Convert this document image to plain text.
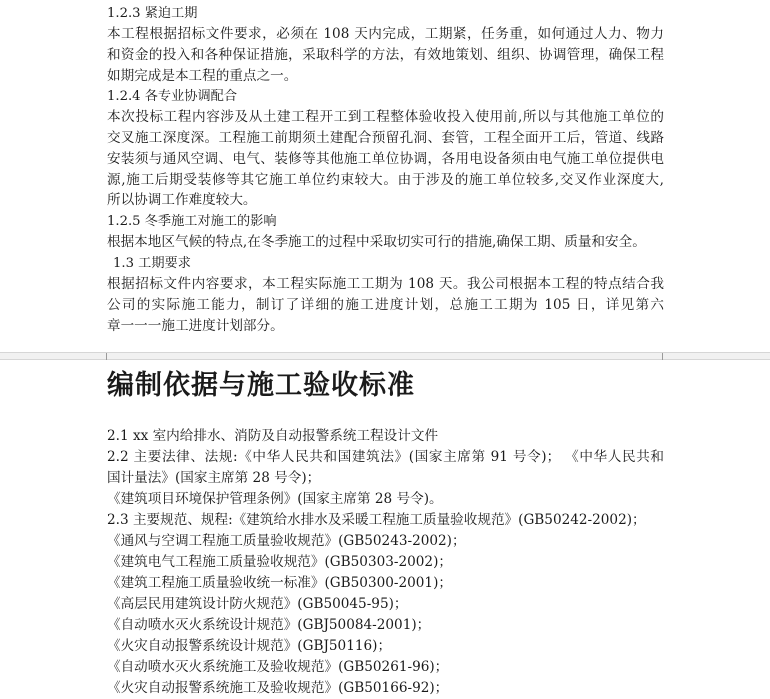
1.2.3 紧迫工期
本工程根据招标文件要求，必须在 108 天内完成，工期紧，任务重，如何通过人力、物力
和资金的投入和各种保证措施，采取科学的方法，有效地策划、组织、协调管理，确保工程
如期完成是本工程的重点之一。
1.2.4 各专业协调配合
本次投标工程内容涉及从土建工程开工到工程整体验收投入使用前,所以与其他施工单位的
交叉施工深度深。工程施工前期须土建配合预留孔洞、套管，工程全面开工后，管道、线路
安装须与通风空调、电气、装修等其他施工单位协调，各用电设备须由电气施工单位提供电
源,施工后期受装修等其它施工单位约束较大。由于涉及的施工单位较多,交叉作业深度大,
所以协调工作难度较大。
1.2.5 冬季施工对施工的影响
根据本地区气候的特点,在冬季施工的过程中采取切实可行的措施,确保工期、质量和安全。
1.3 工期要求
根据招标文件内容要求，本工程实际施工工期为 108 天。我公司根据本工程的特点结合我
公司的实际施工能力，制订了详细的施工进度计划，总施工工期为 105 日，详见第六
章一一一施工进度计划部分。
编制依据与施工验收标准
2.1 xx 室内给排水、消防及自动报警系统工程设计文件
2.2 主要法律、法规:《中华人民共和国建筑法》(国家主席第 91 号令)； 《中华人民共和
国计量法》(国家主席第 28 号令)；
《建筑项目环境保护管理条例》(国家主席第 28 号令)。
2.3 主要规范、规程:《建筑给水排水及采暖工程施工质量验收规范》(GB50242-2002)；
《通风与空调工程施工质量验收规范》(GB50243-2002)；
《建筑电气工程施工质量验收规范》(GB50303-2002)；
《建筑工程施工质量验收统一标准》(GB50300-2001)；
《高层民用建筑设计防火规范》(GB50045-95)；
《自动喷水灭火系统设计规范》(GBJ50084-2001)；
《火灾自动报警系统设计规范》(GBJ50116)；
《自动喷水灭火系统施工及验收规范》(GB50261-96)；
《火灾自动报警系统施工及验收规范》(GB50166-92)；
